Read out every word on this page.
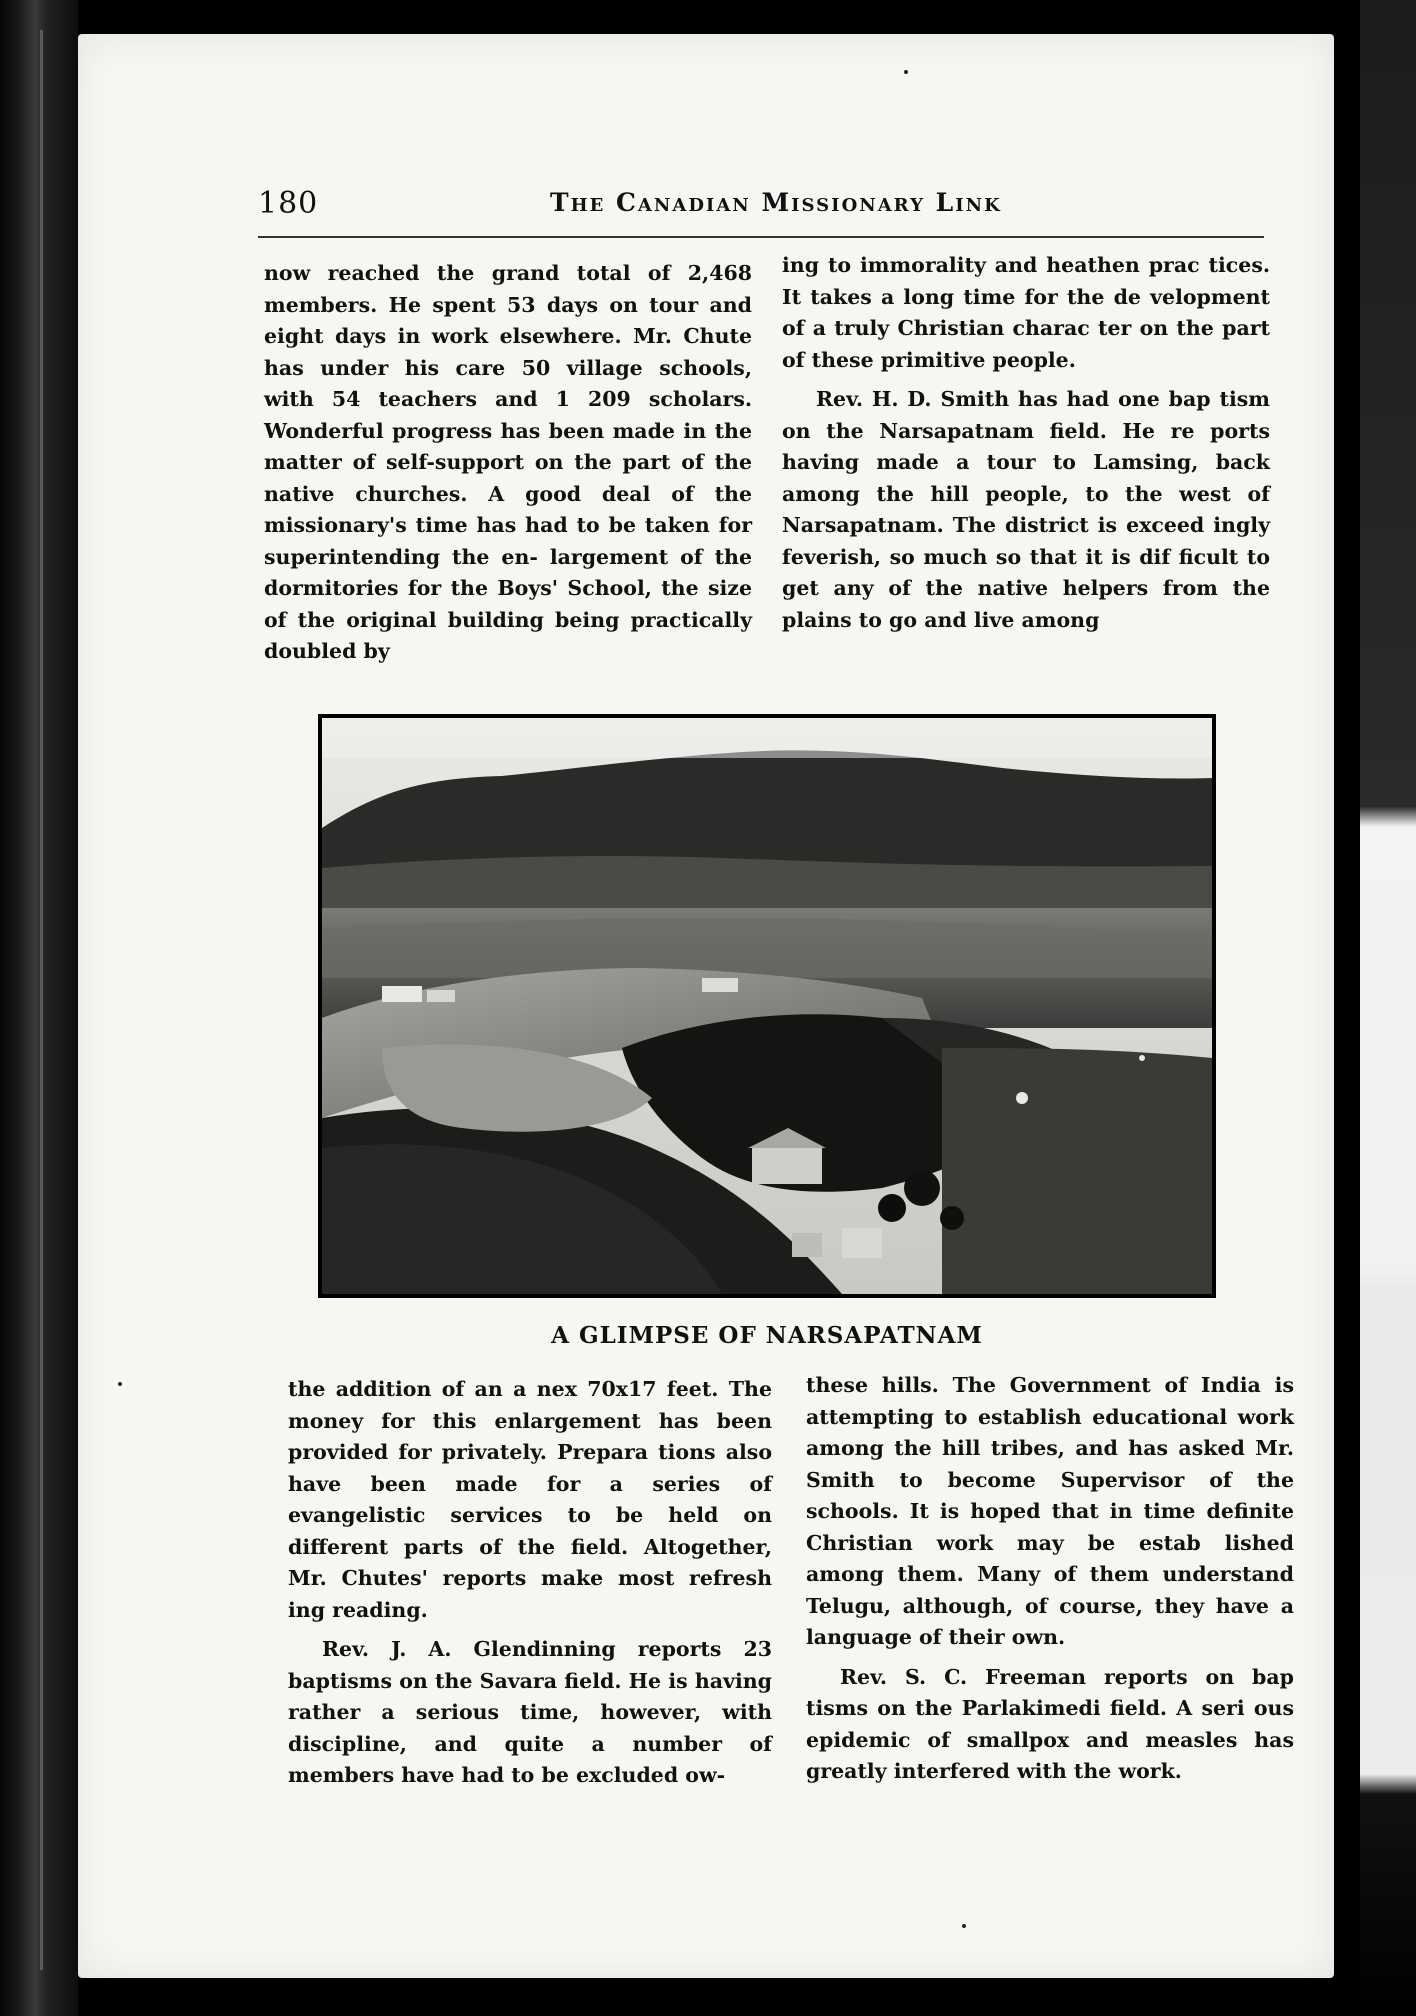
180	The Canadian Missionary Link

now reached the grand total of 2,468 members. He spent 53 days on tour and eight days in work elsewhere. Mr. Chute has under his care 50 village schools, with 54 teachers and 1 209 scholars. Wonderful progress has been made in the matter of self-support on the part of the native churches. A good deal of the missionary's time has had to be taken for superintending the en- largement of the dormitories for the Boys' School, the size of the original building being practically doubled by

ing to immorality and heathen prac tices. It takes a long time for the de velopment of a truly Christian charac ter on the part of these primitive people.

Rev. H. D. Smith has had one bap tism on the Narsapatnam field. He re ports having made a tour to Lamsing, back among the hill people, to the west of Narsapatnam. The district is exceed ingly feverish, so much so that it is dif ficult to get any of the native helpers from the plains to go and live among

A GLIMPSE OF NARSAPATNAM

the addition of an a nex 70x17 feet. The money for this enlargement has been provided for privately. Prepara tions also have been made for a series of evangelistic services to be held on different parts of the field. Altogether, Mr. Chutes' reports make most refresh ing reading.

Rev. J. A. Glendinning reports 23 baptisms on the Savara field. He is having rather a serious time, however, with discipline, and quite a number of members have had to be excluded ow-

these hills. The Government of India is attempting to establish educational work among the hill tribes, and has asked Mr. Smith to become Supervisor of the schools. It is hoped that in time definite Christian work may be estab lished among them. Many of them understand Telugu, although, of course, they have a language of their own.

Rev. S. C. Freeman reports on bap tisms on the Parlakimedi field. A seri ous epidemic of smallpox and measles has greatly interfered with the work.
